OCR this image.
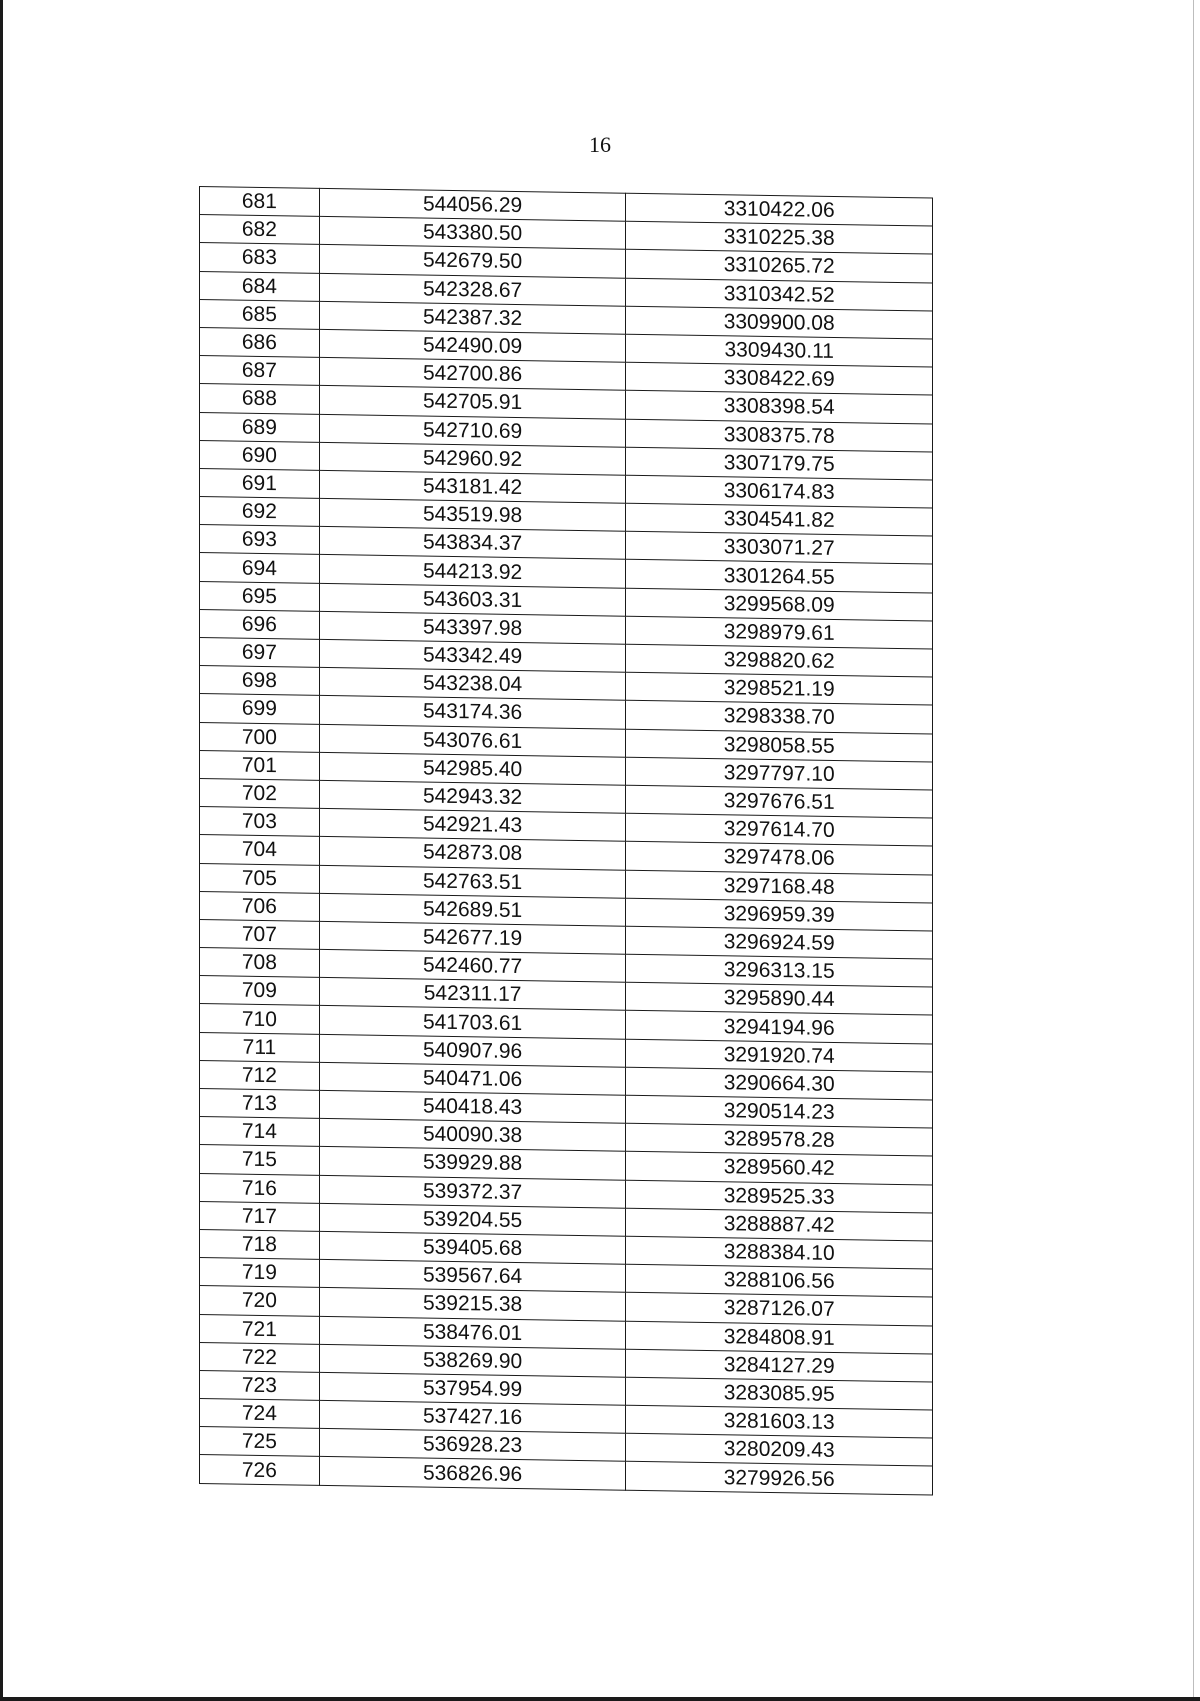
16
681	544056.29	3310422.06
682	543380.50	3310225.38
683	542679.50	3310265.72
684	542328.67	3310342.52
685	542387.32	3309900.08
686	542490.09	3309430.11
687	542700.86	3308422.69
688	542705.91	3308398.54
689	542710.69	3308375.78
690	542960.92	3307179.75
691	543181.42	3306174.83
692	543519.98	3304541.82
693	543834.37	3303071.27
694	544213.92	3301264.55
695	543603.31	3299568.09
696	543397.98	3298979.61
697	543342.49	3298820.62
698	543238.04	3298521.19
699	543174.36	3298338.70
700	543076.61	3298058.55
701	542985.40	3297797.10
702	542943.32	3297676.51
703	542921.43	3297614.70
704	542873.08	3297478.06
705	542763.51	3297168.48
706	542689.51	3296959.39
707	542677.19	3296924.59
708	542460.77	3296313.15
709	542311.17	3295890.44
710	541703.61	3294194.96
711	540907.96	3291920.74
712	540471.06	3290664.30
713	540418.43	3290514.23
714	540090.38	3289578.28
715	539929.88	3289560.42
716	539372.37	3289525.33
717	539204.55	3288887.42
718	539405.68	3288384.10
719	539567.64	3288106.56
720	539215.38	3287126.07
721	538476.01	3284808.91
722	538269.90	3284127.29
723	537954.99	3283085.95
724	537427.16	3281603.13
725	536928.23	3280209.43
726	536826.96	3279926.56
